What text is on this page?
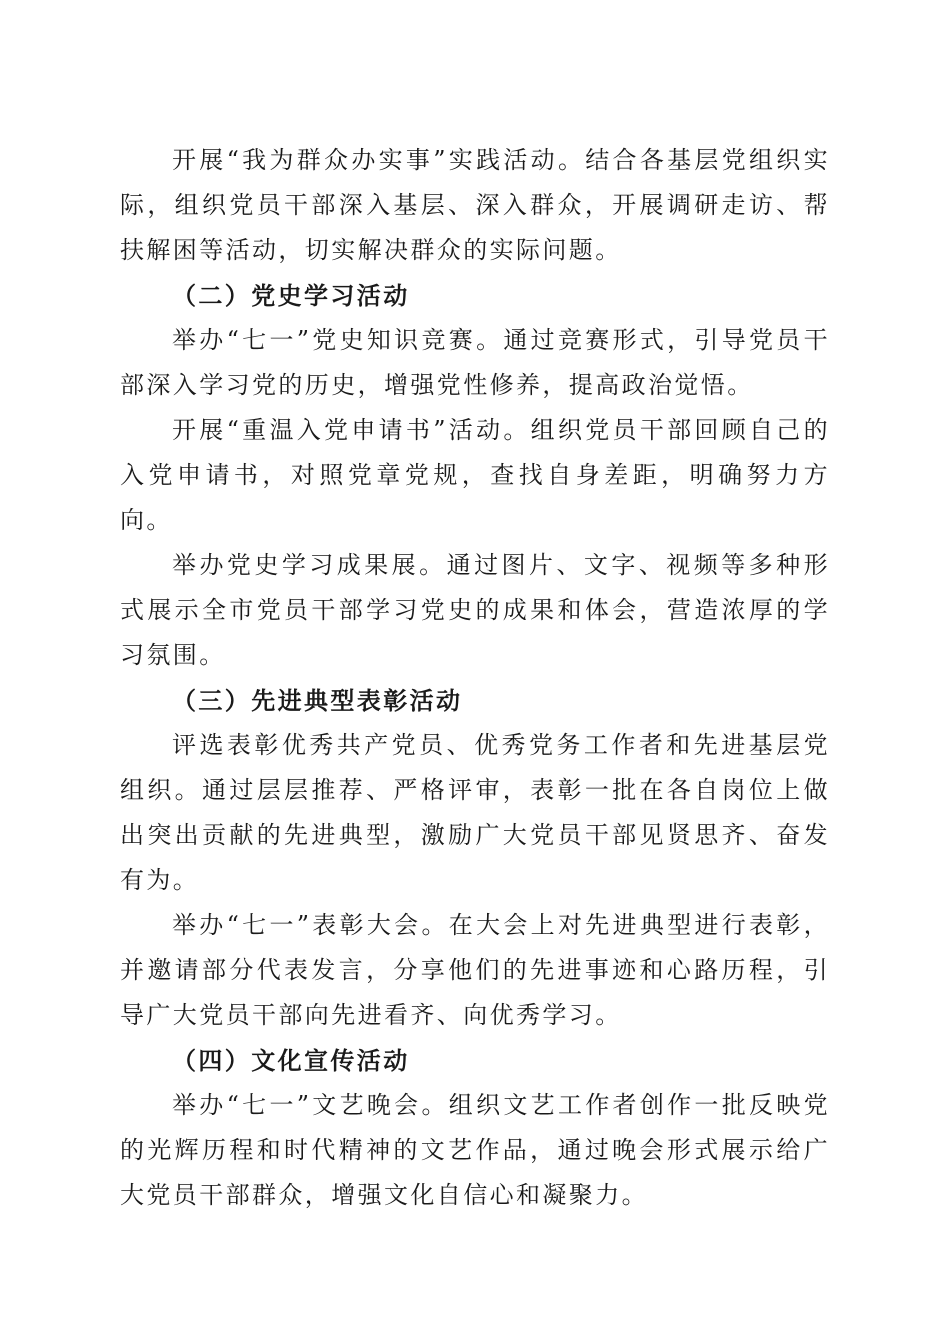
开展“我为群众办实事”实践活动。结合各基层党组织实际，组织党员干部深入基层、深入群众，开展调研走访、帮扶解困等活动，切实解决群众的实际问题。

（二）党史学习活动

举办“七一”党史知识竞赛。通过竞赛形式，引导党员干部深入学习党的历史，增强党性修养，提高政治觉悟。

开展“重温入党申请书”活动。组织党员干部回顾自己的入党申请书，对照党章党规，查找自身差距，明确努力方向。

举办党史学习成果展。通过图片、文字、视频等多种形式展示全市党员干部学习党史的成果和体会，营造浓厚的学习氛围。

（三）先进典型表彰活动

评选表彰优秀共产党员、优秀党务工作者和先进基层党组织。通过层层推荐、严格评审，表彰一批在各自岗位上做出突出贡献的先进典型，激励广大党员干部见贤思齐、奋发有为。

举办“七一”表彰大会。在大会上对先进典型进行表彰，并邀请部分代表发言，分享他们的先进事迹和心路历程，引导广大党员干部向先进看齐、向优秀学习。

（四）文化宣传活动

举办“七一”文艺晚会。组织文艺工作者创作一批反映党的光辉历程和时代精神的文艺作品，通过晚会形式展示给广大党员干部群众，增强文化自信心和凝聚力。
